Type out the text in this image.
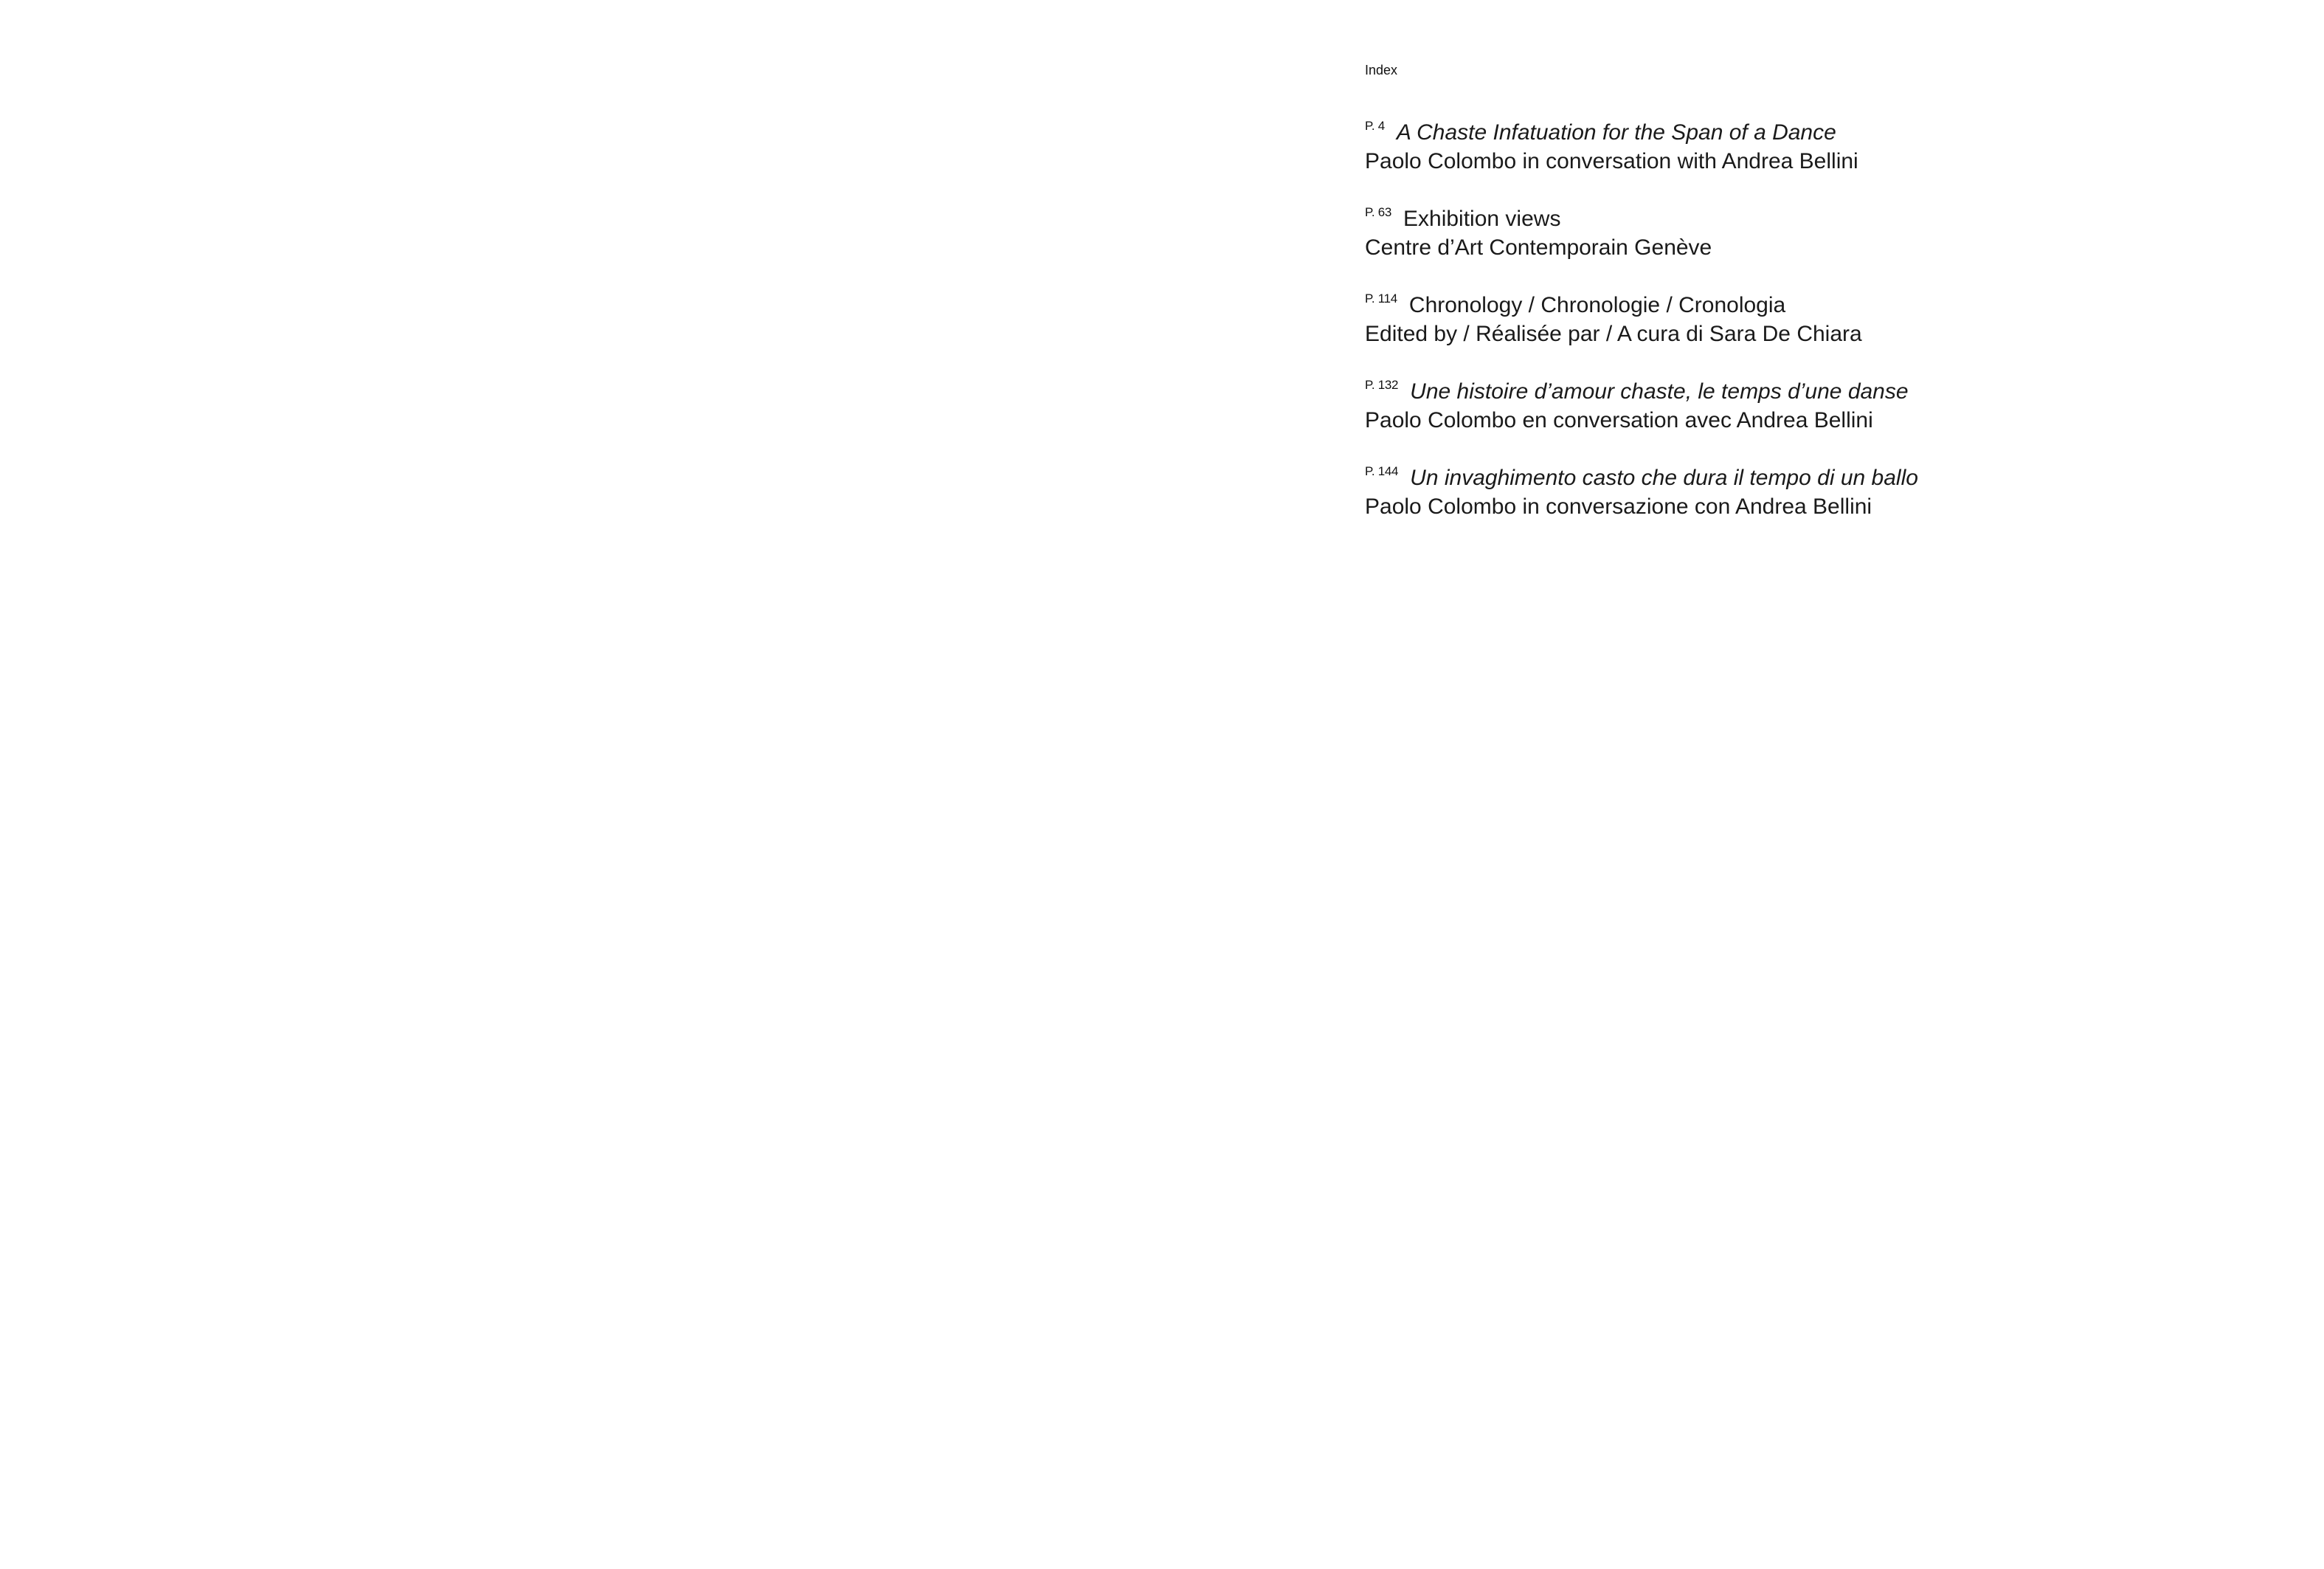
Index
P. 4 A Chaste Infatuation for the Span of a Dance
Paolo Colombo in conversation with Andrea Bellini
P. 63 Exhibition views
Centre d’Art Contemporain Genève
P. 114 Chronology / Chronologie / Cronologia
Edited by / Réalisée par / A cura di Sara De Chiara
P. 132 Une histoire d’amour chaste, le temps d’une danse
Paolo Colombo en conversation avec Andrea Bellini
P. 144 Un invaghimento casto che dura il tempo di un ballo
Paolo Colombo in conversazione con Andrea Bellini
